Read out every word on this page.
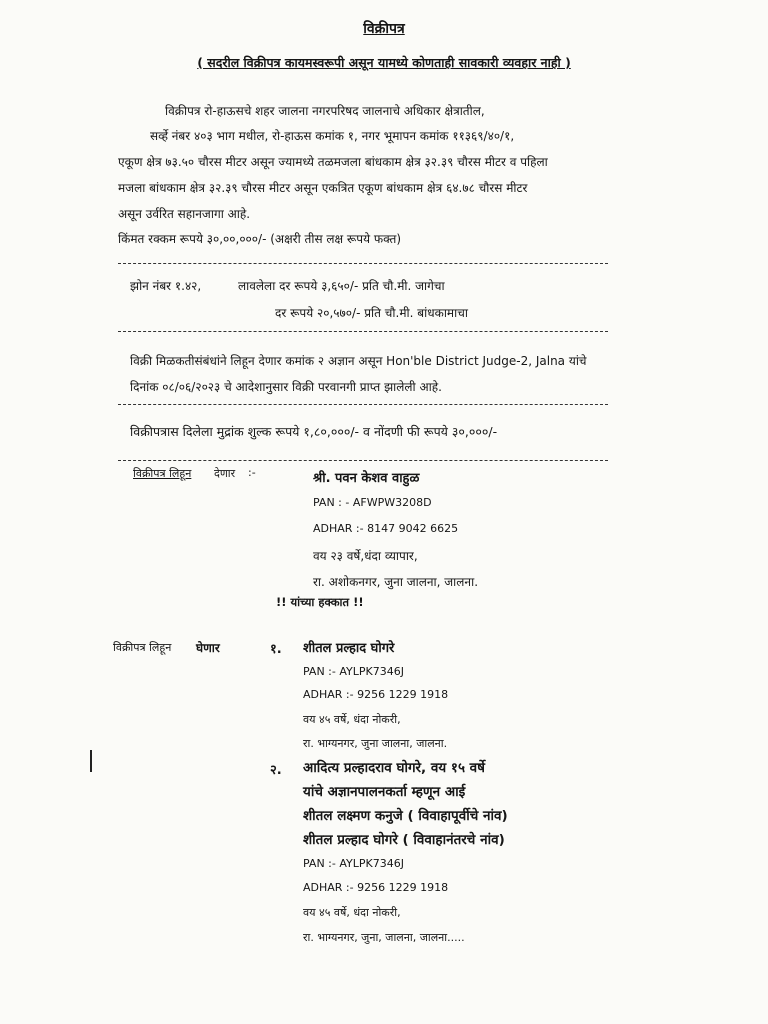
विक्रीपत्र
( सदरील विक्रीपत्र कायमस्वरूपी असून यामध्ये कोणताही सावकारी व्यवहार नाही )
विक्रीपत्र रो-हाऊसचे शहर जालना नगरपरिषद जालनाचे अधिकार क्षेत्रातील,
सर्व्हे नंबर ४०३ भाग मधील, रो-हाऊस कमांक १, नगर भूमापन कमांक ११३६९/४०/१,
एकूण क्षेत्र ७३.५० चौरस मीटर असून ज्यामध्ये तळमजला बांधकाम क्षेत्र ३२.३९ चौरस मीटर व पहिला
मजला बांधकाम क्षेत्र ३२.३९ चौरस मीटर असून एकत्रित एकूण बांधकाम क्षेत्र ६४.७८ चौरस मीटर
असून उर्वरित सहानजागा आहे.
किंमत रक्कम रूपये ३०,००,०००/- (अक्षरी तीस लक्ष रूपये फक्त)
झोन नंबर १.४२,	लावलेला दर रूपये ३,६५०/- प्रति चौ.मी. जागेचा
दर रूपये २०,५७०/- प्रति चौ.मी. बांधकामाचा
विक्री मिळकतीसंबंधांने लिहून देणार कमांक २ अज्ञान असून Hon'ble District Judge-2, Jalna यांचे
दिनांक ०८/०६/२०२३ चे आदेशानुसार विक्री परवानगी प्राप्त झालेली आहे.
विक्रीपत्रास दिलेला मुद्रांक शुल्क रूपये १,८०,०००/- व नोंदणी फी रूपये ३०,०००/-
विक्रीपत्र लिहून देणार :-	श्री. पवन केशव वाहुळ
PAN : - AFWPW3208D
ADHAR :- 8147 9042 6625
वय २३ वर्षे,धंदा व्यापार,
रा. अशोकनगर, जुना जालना, जालना.
!! यांच्या हक्कात !!
विक्रीपत्र लिहून घेणार	१. शीतल प्रल्हाद घोगरे
PAN :- AYLPK7346J
ADHAR :- 9256 1229 1918
वय ४५ वर्षे, धंदा नोकरी,
रा. भाग्यनगर, जुना जालना, जालना.
२. आदित्य प्रल्हादराव घोगरे, वय १५ वर्षे
यांचे अज्ञानपालनकर्ता म्हणून आई
शीतल लक्ष्मण कनुजे ( विवाहापूर्वीचे नांव)
शीतल प्रल्हाद घोगरे ( विवाहानंतरचे नांव)
PAN :- AYLPK7346J
ADHAR :- 9256 1229 1918
वय ४५ वर्षे, धंदा नोकरी,
रा. भाग्यनगर, जुना, जालना, जालना.....
